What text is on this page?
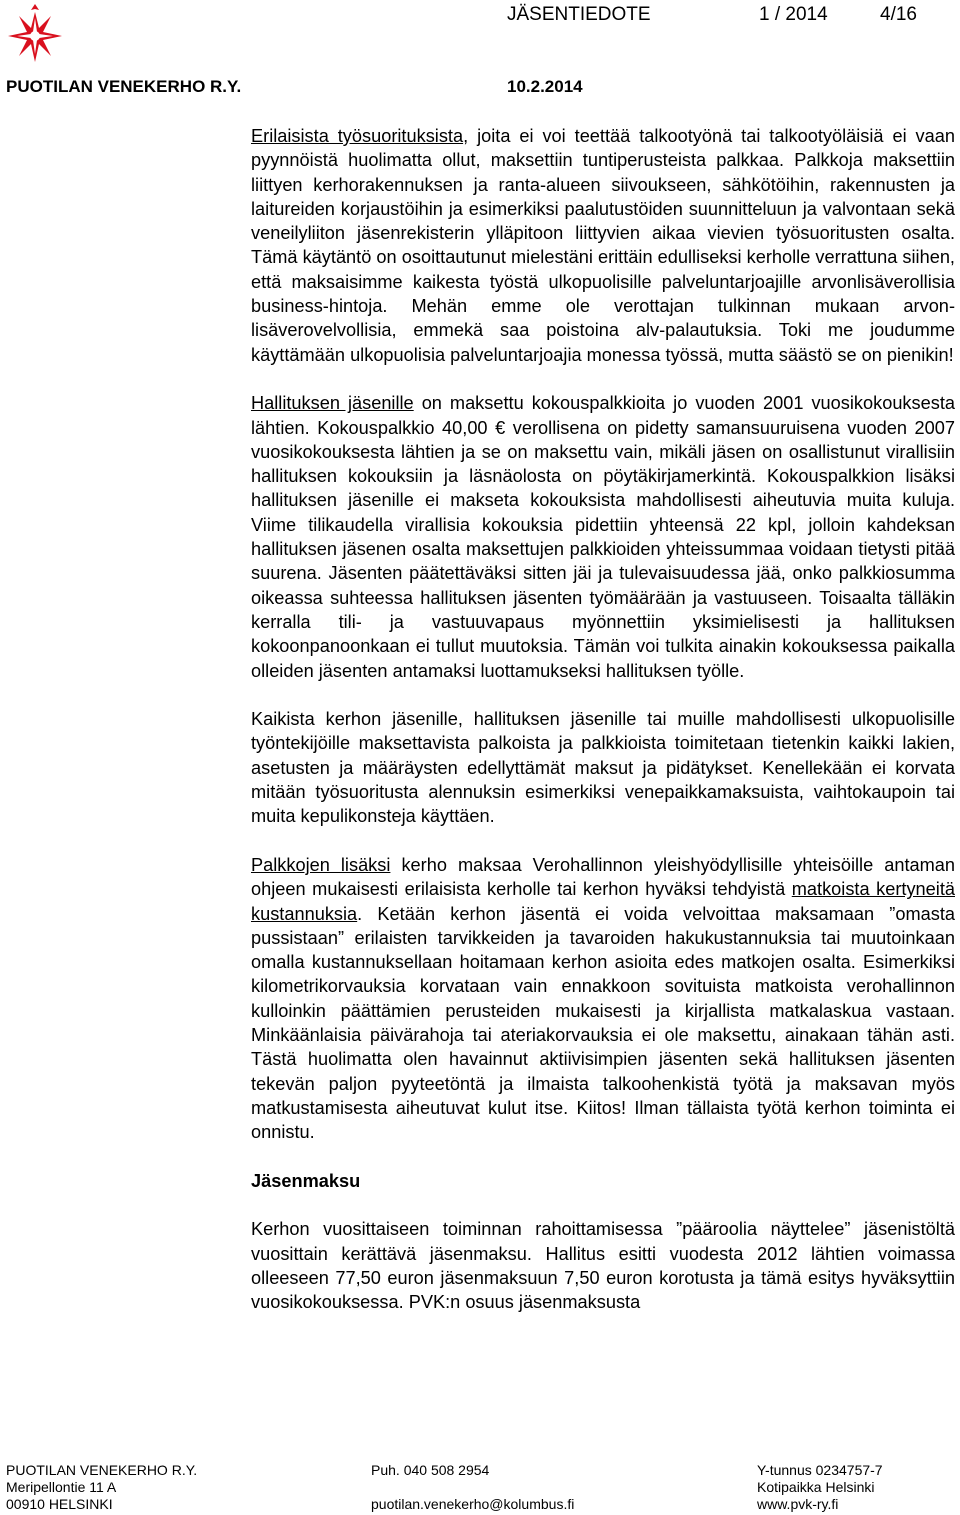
JÄSENTIEDOTE	1 / 2014	4/16
PUOTILAN VENEKERHO R.Y.	10.2.2014

Erilaisista työsuorituksista, joita ei voi teettää talkootyönä tai talkootyöläisiä ei vaan pyynnöistä huolimatta ollut, maksettiin tuntiperusteista palkkaa. Palkkoja maksettiin liittyen kerhorakennuksen ja ranta-alueen siivoukseen, sähkötöihin, rakennusten ja laitureiden korjaustöihin ja esimerkiksi paalutustöiden suunnitteluun ja valvontaan sekä veneilyliiton jäsenrekisterin ylläpitoon liittyvien aikaa vievien työsuoritusten osalta. Tämä käytäntö on osoittautunut mielestäni erittäin edulliseksi kerholle verrattuna siihen, että maksaisimme kaikesta työstä ulkopuolisille palveluntarjoajille arvonlisäverollisia business-hintoja. Mehän emme ole verottajan tulkinnan mukaan arvonlisäverovelvollisia, emmekä saa poistoina alv-palautuksia. Toki me joudumme käyttämään ulkopuolisia palveluntarjoajia monessa työssä, mutta säästö se on pienikin!

Hallituksen jäsenille on maksettu kokouspalkkioita jo vuoden 2001 vuosikokouksesta lähtien. Kokouspalkkio 40,00 € verollisena on pidetty samansuuruisena vuoden 2007 vuosikokouksesta lähtien ja se on maksettu vain, mikäli jäsen on osallistunut virallisiin hallituksen kokouksiin ja läsnäolosta on pöytäkirjamerkintä. Kokouspalkkion lisäksi hallituksen jäsenille ei makseta kokouksista mahdollisesti aiheutuvia muita kuluja. Viime tilikaudella virallisia kokouksia pidettiin yhteensä 22 kpl, jolloin kahdeksan hallituksen jäsenen osalta maksettujen palkkioiden yhteissummaa voidaan tietysti pitää suurena. Jäsenten päätettäväksi sitten jäi ja tulevaisuudessa jää, onko palkkiosumma oikeassa suhteessa hallituksen jäsenten työmäärään ja vastuuseen. Toisaalta tälläkin kerralla tili- ja vastuuvapaus myönnettiin yksimielisesti ja hallituksen kokoonpanoonkaan ei tullut muutoksia. Tämän voi tulkita ainakin kokouksessa paikalla olleiden jäsenten antamaksi luottamukseksi hallituksen työlle.

Kaikista kerhon jäsenille, hallituksen jäsenille tai muille mahdollisesti ulkopuolisille työntekijöille maksettavista palkoista ja palkkioista toimitetaan tietenkin kaikki lakien, asetusten ja määräysten edellyttämät maksut ja pidätykset. Kenellekään ei korvata mitään työsuoritusta alennuksin esimerkiksi venepaikkamaksuista, vaihtokaupoin tai muita kepulikonsteja käyttäen.

Palkkojen lisäksi kerho maksaa Verohallinnon yleishyödyllisille yhteisöille antaman ohjeen mukaisesti erilaisista kerholle tai kerhon hyväksi tehdyistä matkoista kertyneitä kustannuksia. Ketään kerhon jäsentä ei voida velvoittaa maksamaan ”omasta pussistaan” erilaisten tarvikkeiden ja tavaroiden hakukustannuksia tai muutoinkaan omalla kustannuksellaan hoitamaan kerhon asioita edes matkojen osalta. Esimerkiksi kilometrikorvauksia korvataan vain ennakkoon sovituista matkoista verohallinnon kulloinkin päättämien perusteiden mukaisesti ja kirjallista matkalaskua vastaan. Minkäänlaisia päivärahoja tai ateriakorvauksia ei ole maksettu, ainakaan tähän asti. Tästä huolimatta olen havainnut aktiivisimpien jäsenten sekä hallituksen jäsenten tekevän paljon pyyteetöntä ja ilmaista talkoohenkistä työtä ja maksavan myös matkustamisesta aiheutuvat kulut itse. Kiitos! Ilman tällaista työtä kerhon toiminta ei onnistu.

Jäsenmaksu

Kerhon vuosittaiseen toiminnan rahoittamisessa ”pääroolia näyttelee” jäsenistöltä vuosittain kerättävä jäsenmaksu. Hallitus esitti vuodesta 2012 lähtien voimassa olleeseen 77,50 euron jäsenmaksuun 7,50 euron korotusta ja tämä esitys hyväksyttiin vuosikokouksessa. PVK:n osuus jäsenmaksusta

PUOTILAN VENEKERHO R.Y.
Meripellontie 11 A
00910 HELSINKI
Puh. 040 508 2954

puotilan.venekerho@kolumbus.fi
Y-tunnus 0234757-7
Kotipaikka Helsinki
www.pvk-ry.fi
